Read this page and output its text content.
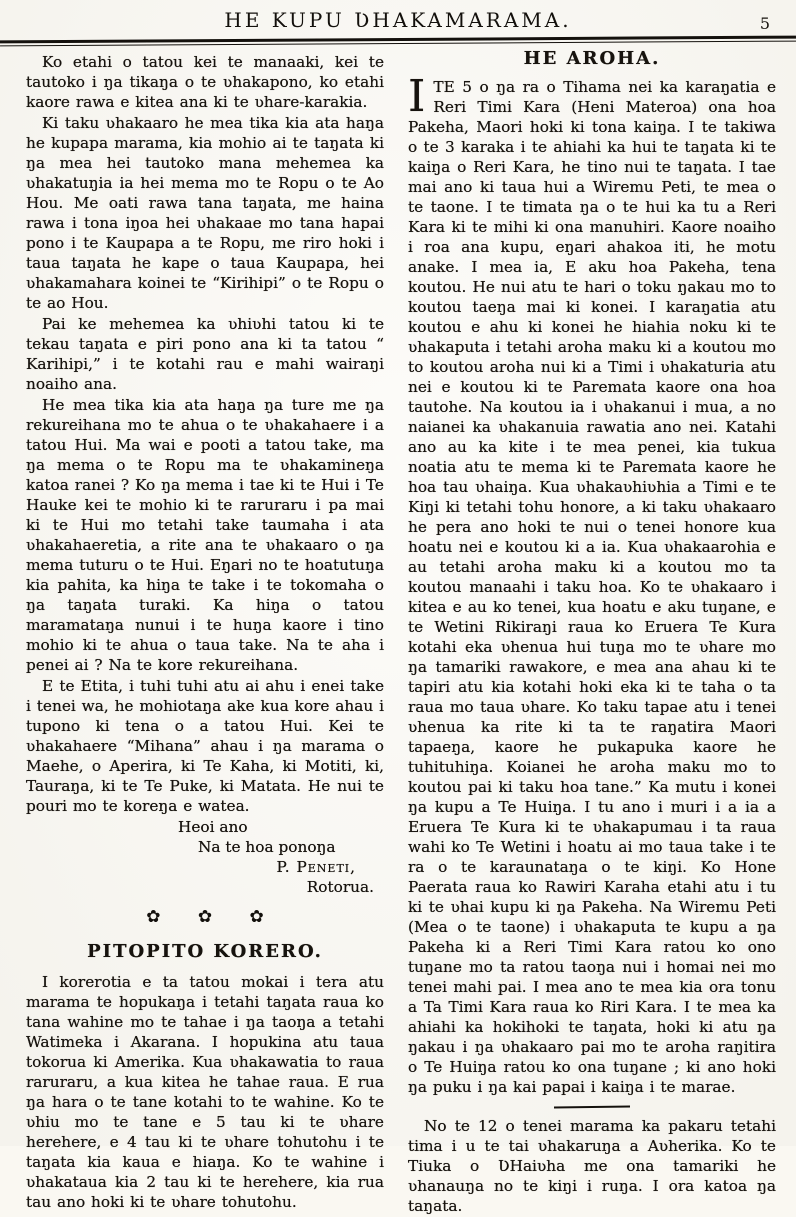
HE KUPU ƲHAKAMARAMA.	5

Ko etahi o tatou kei te manaaki, kei te tautoko i ŋa tikaŋa o te ʋhakapono, ko etahi kaore rawa e kitea ana ki te ʋhare-karakia.

Ki taku ʋhakaaro he mea tika kia ata haŋa he kupapa marama, kia mohio ai te taŋata ki ŋa mea hei tautoko mana mehemea ka ʋhakatuŋia ia hei mema mo te Ropu o te Ao Hou. Me oati rawa tana taŋata, me haina rawa i tona iŋoa hei ʋhakaae mo tana hapai pono i te Kaupapa a te Ropu, me riro hoki i taua taŋata he kape o taua Kaupapa, hei ʋhakamahara koinei te “Kirihipi” o te Ropu o te ao Hou.

Pai ke mehemea ka ʋhiʋhi tatou ki te tekau taŋata e piri pono ana ki ta tatou “ Karihipi,” i te kotahi rau e mahi wairaŋi noaiho ana.

He mea tika kia ata haŋa ŋa ture me ŋa rekureihana mo te ahua o te ʋhakahaere i a tatou Hui. Ma wai e pooti a tatou take, ma ŋa mema o te Ropu ma te ʋhakamineŋa katoa ranei ? Ko ŋa mema i tae ki te Hui i Te Hauke kei te mohio ki te raruraru i pa mai ki te Hui mo tetahi take taumaha i ata ʋhakahaeretia, a rite ana te ʋhakaaro o ŋa mema tuturu o te Hui. Eŋari no te hoatutuŋa kia pahita, ka hiŋa te take i te tokomaha o ŋa taŋata turaki. Ka hiŋa o tatou maramataŋa nunui i te huŋa kaore i tino mohio ki te ahua o taua take. Na te aha i penei ai ? Na te kore rekureihana.

E te Etita, i tuhi tuhi atu ai ahu i enei take i tenei wa, he mohiotaŋa ake kua kore ahau i tupono ki tena o a tatou Hui. Kei te ʋhakahaere “Mihana” ahau i ŋa marama o Maehe, o Aperira, ki Te Kaha, ki Motiti, ki, Tauraŋa, ki te Te Puke, ki Matata. He nui te pouri mo te koreŋa e watea.

Heoi ano
Na te hoa ponoŋa
P. Peneti,
Rotorua.
✿ ✿ ✿
PITOPITO KORERO.

I korerotia e ta tatou mokai i tera atu marama te hopukaŋa i tetahi taŋata raua ko tana wahine mo te tahae i ŋa taoŋa a tetahi Watimeka i Akarana. I hopukina atu taua tokorua ki Amerika. Kua ʋhakawatia to raua raruraru, a kua kitea he tahae raua. E rua ŋa hara o te tane kotahi to te wahine. Ko te ʋhiu mo te tane e 5 tau ki te ʋhare herehere, e 4 tau ki te ʋhare tohutohu i te taŋata kia kaua e hiaŋa. Ko te wahine i ʋhakataua kia 2 tau ki te herehere, kia rua tau ano hoki ki te ʋhare tohutohu.

HE AROHA.

ITE 5 o ŋa ra o Tihama nei ka karaŋatia e Reri Timi Kara (Heni Materoa) ona hoa Pakeha, Maori hoki ki tona kaiŋa. I te takiwa o te 3 karaka i te ahiahi ka hui te taŋata ki te kaiŋa o Reri Kara, he tino nui te taŋata. I tae mai ano ki taua hui a Wiremu Peti, te mea o te taone. I te timata ŋa o te hui ka tu a Reri Kara ki te mihi ki ona manuhiri. Kaore noaiho i roa ana kupu, eŋari ahakoa iti, he motu anake. I mea ia, E aku hoa Pakeha, tena koutou. He nui atu te hari o toku ŋakau mo to koutou taeŋa mai ki konei. I karaŋatia atu koutou e ahu ki konei he hiahia noku ki te ʋhakaputa i tetahi aroha maku ki a koutou mo to koutou aroha nui ki a Timi i ʋhakaturia atu nei e koutou ki te Paremata kaore ona hoa tautohe. Na koutou ia i ʋhakanui i mua, a no naianei ka ʋhakanuia rawatia ano nei. Katahi ano au ka kite i te mea penei, kia tukua noatia atu te mema ki te Paremata kaore he hoa tau ʋhaiŋa. Kua ʋhakaʋhiʋhia a Timi e te Kiŋi ki tetahi tohu honore, a ki taku ʋhakaaro he pera ano hoki te nui o tenei honore kua hoatu nei e koutou ki a ia. Kua ʋhakaarohia e au tetahi aroha maku ki a koutou mo ta koutou manaahi i taku hoa. Ko te ʋhakaaro i kitea e au ko tenei, kua hoatu e aku tuŋane, e te Wetini Rikiraŋi raua ko Eruera Te Kura kotahi eka ʋhenua hui tuŋa mo te ʋhare mo ŋa tamariki rawakore, e mea ana ahau ki te tapiri atu kia kotahi hoki eka ki te taha o ta raua mo taua ʋhare. Ko taku tapae atu i tenei ʋhenua ka rite ki ta te raŋatira Maori tapaeŋa, kaore he pukapuka kaore he tuhituhiŋa. Koianei he aroha maku mo to koutou pai ki taku hoa tane.” Ka mutu i konei ŋa kupu a Te Huiŋa. I tu ano i muri i a ia a Eruera Te Kura ki te ʋhakapumau i ta raua wahi ko Te Wetini i hoatu ai mo taua take i te ra o te karaunataŋa o te kiŋi. Ko Hone Paerata raua ko Rawiri Karaha etahi atu i tu ki te ʋhai kupu ki ŋa Pakeha. Na Wiremu Peti (Mea o te taone) i ʋhakaputa te kupu a ŋa Pakeha ki a Reri Timi Kara ratou ko ono tuŋane mo ta ratou taoŋa nui i homai nei mo tenei mahi pai. I mea ano te mea kia ora tonu a Ta Timi Kara raua ko Riri Kara. I te mea ka ahiahi ka hokihoki te taŋata, hoki ki atu ŋa ŋakau i ŋa ʋhakaaro pai mo te aroha raŋitira o Te Huiŋa ratou ko ona tuŋane ; ki ano hoki ŋa puku i ŋa kai papai i kaiŋa i te marae.

No te 12 o tenei marama ka pakaru tetahi tima i u te tai ʋhakaruŋa a Aʋherika. Ko te Tiuka o ƲHaiʋha me ona tamariki he ʋhanauŋa no te kiŋi i ruŋa. I ora katoa ŋa taŋata.
